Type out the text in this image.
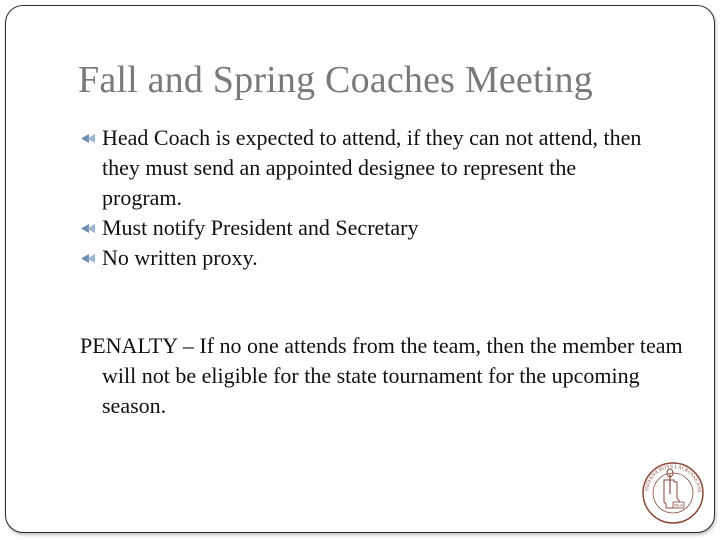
Fall and Spring Coaches Meeting
Head Coach is expected to attend, if they can not attend, then they must send an appointed designee to represent the program.
Must notify President and Secretary
No written proxy.

PENALTY – If no one attends from the team, then the member team will not be eligible for the state tournament for the upcoming season.

INDIANA BOYS LACROSSE ASS
IBLA
